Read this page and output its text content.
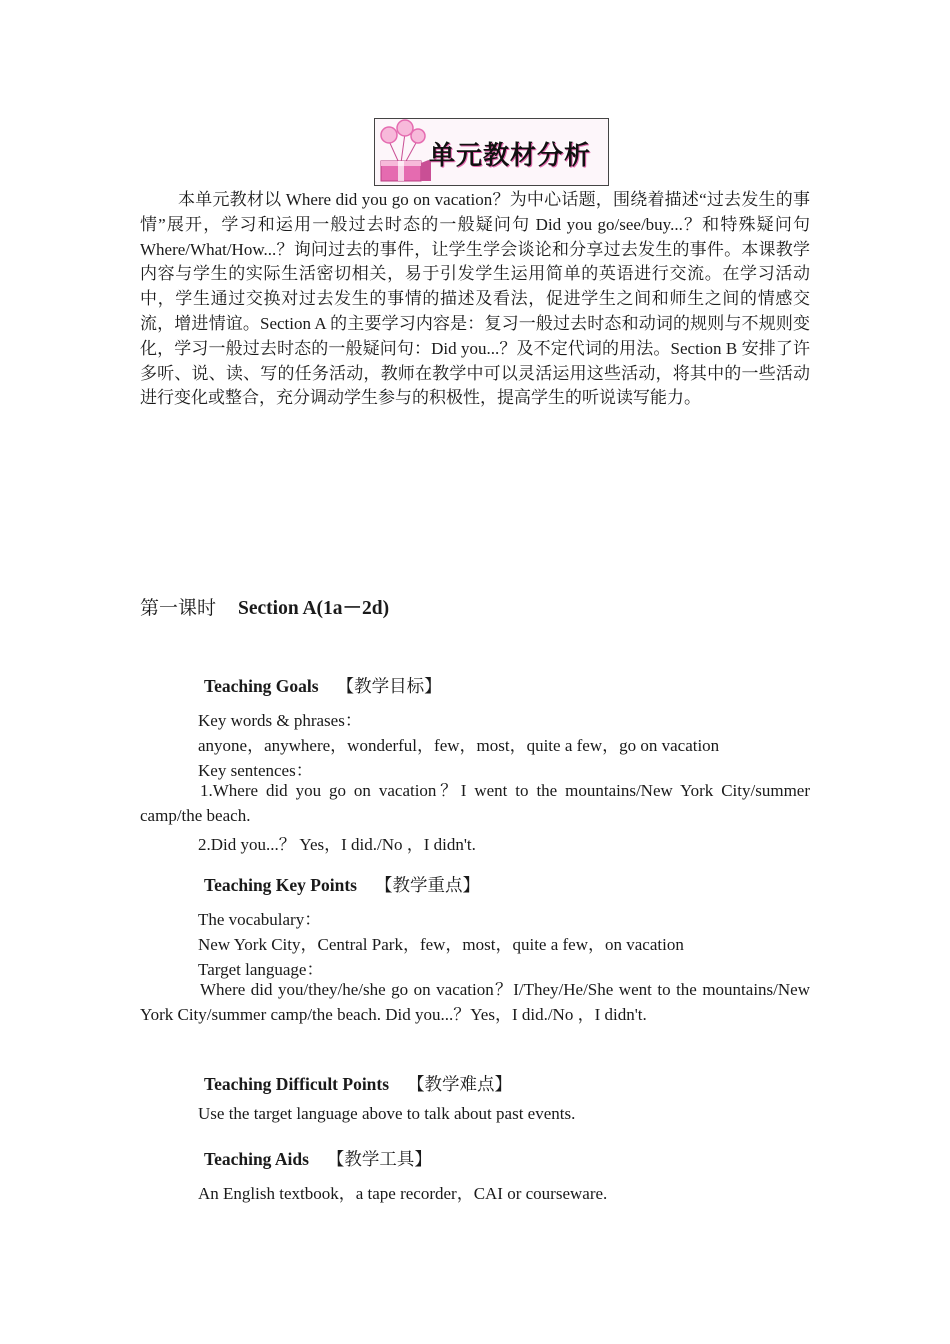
单元教材分析

本单元教材以 Where did you go on vacation？为中心话题，围绕着描述“过去发生的事情”展开，学习和运用一般过去时态的一般疑问句 Did you go/see/buy...？和特殊疑问句 Where/What/How...？询问过去的事件，让学生学会谈论和分享过去发生的事件。本课教学内容与学生的实际生活密切相关，易于引发学生运用简单的英语进行交流。在学习活动中，学生通过交换对过去发生的事情的描述及看法，促进学生之间和师生之间的情感交流，增进情谊。Section A 的主要学习内容是：复习一般过去时态和动词的规则与不规则变化，学习一般过去时态的一般疑问句：Did you...？及不定代词的用法。Section B 安排了许多听、说、读、写的任务活动，教师在教学中可以灵活运用这些活动，将其中的一些活动进行变化或整合，充分调动学生参与的积极性，提高学生的听说读写能力。

第一课时 Section A(1a－2d)
Teaching Goals 【教学目标】

Key words & phrases：

anyone，anywhere，wonderful，few，most，quite a few，go on vacation

Key sentences：

1.Where did you go on vacation？I went to the mountains/New York City/summer camp/the beach.

2.Did you...？ Yes，I did./No ，I didn't.

Teaching Key Points 【教学重点】

The vocabulary：

New York City，Central Park，few，most，quite a few，on vacation

Target language：

Where did you/they/he/she go on vacation？I/They/He/She went to the mountains/New York City/summer camp/the beach. Did you...？Yes，I did./No ，I didn't.

Teaching Difficult Points 【教学难点】

Use the target language above to talk about past events.

Teaching Aids 【教学工具】

An English textbook，a tape recorder，CAI or courseware.
